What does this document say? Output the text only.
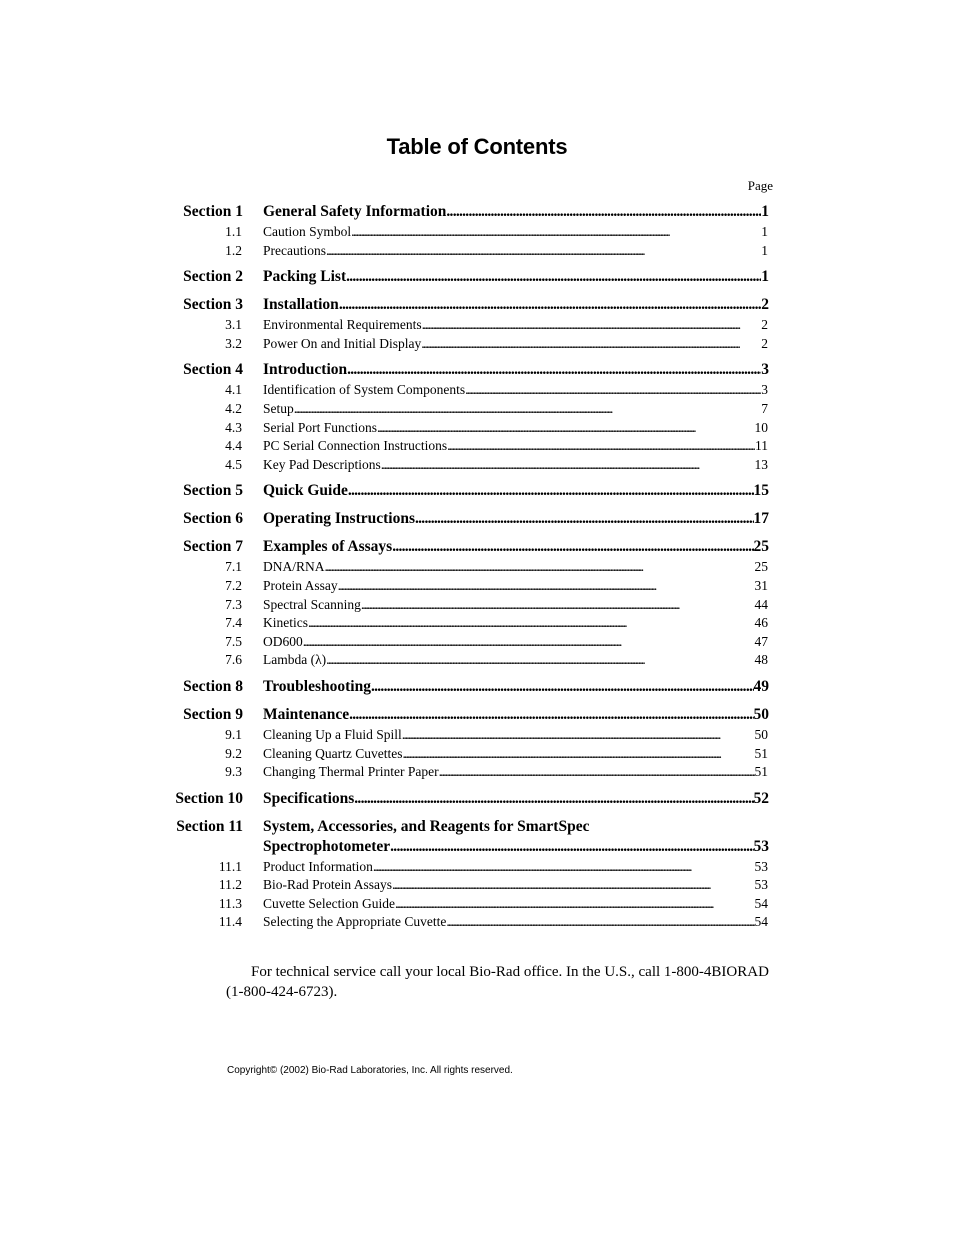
Table of Contents
Page
Section 1 General Safety Information . . .	1
1.1 Caution Symbol . . .	1
1.2 Precautions . . .	1
Section 2 Packing List . . .	1
Section 3 Installation . . .	2
3.1 Environmental Requirements . . .	2
3.2 Power On and Initial Display . . .	2
Section 4 Introduction . . .	3
4.1 Identification of System Components . . .	3
4.2 Setup . . .	7
4.3 Serial Port Functions . . .	10
4.4 PC Serial Connection Instructions . . .	11
4.5 Key Pad Descriptions . . .	13
Section 5 Quick Guide . . .	15
Section 6 Operating Instructions . . .	17
Section 7 Examples of Assays . . .	25
7.1 DNA/RNA . . .	25
7.2 Protein Assay . . .	31
7.3 Spectral Scanning . . .	44
7.4 Kinetics . . .	46
7.5 OD600 . . .	47
7.6 Lambda (λ) . . .	48
Section 8 Troubleshooting . . .	49
Section 9 Maintenance . . .	50
9.1 Cleaning Up a Fluid Spill . . .	50
9.2 Cleaning Quartz Cuvettes . . .	51
9.3 Changing Thermal Printer Paper . . .	51
Section 10 Specifications . . .	52
Section 11 System, Accessories, and Reagents for SmartSpec
Spectrophotometer . . .	53
11.1 Product Information . . .	53
11.2 Bio-Rad Protein Assays . . .	53
11.3 Cuvette Selection Guide . . .	54
11.4 Selecting the Appropriate Cuvette . . .	54
For technical service call your local Bio-Rad office. In the U.S., call 1-800-4BIORAD (1-800-424-6723).
Copyright© (2002) Bio-Rad Laboratories, Inc. All rights reserved.
